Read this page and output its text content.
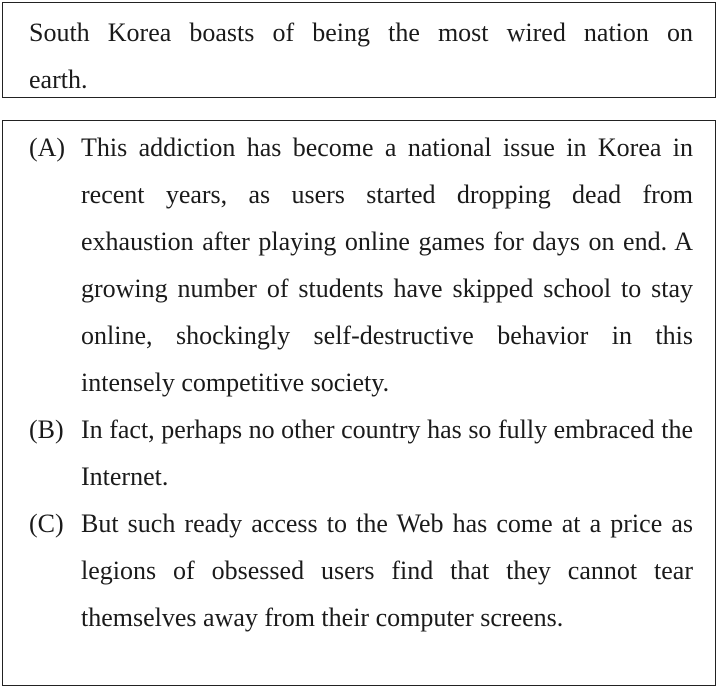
South Korea boasts of being the most wired nation on earth.
(A) This addiction has become a national issue in Korea in recent years, as users started dropping dead from exhaustion after playing online games for days on end. A growing number of students have skipped school to stay online, shockingly self-destructive behavior in this intensely competitive society.
(B) In fact, perhaps no other country has so fully embraced the Internet.
(C) But such ready access to the Web has come at a price as legions of obsessed users find that they cannot tear themselves away from their computer screens.
